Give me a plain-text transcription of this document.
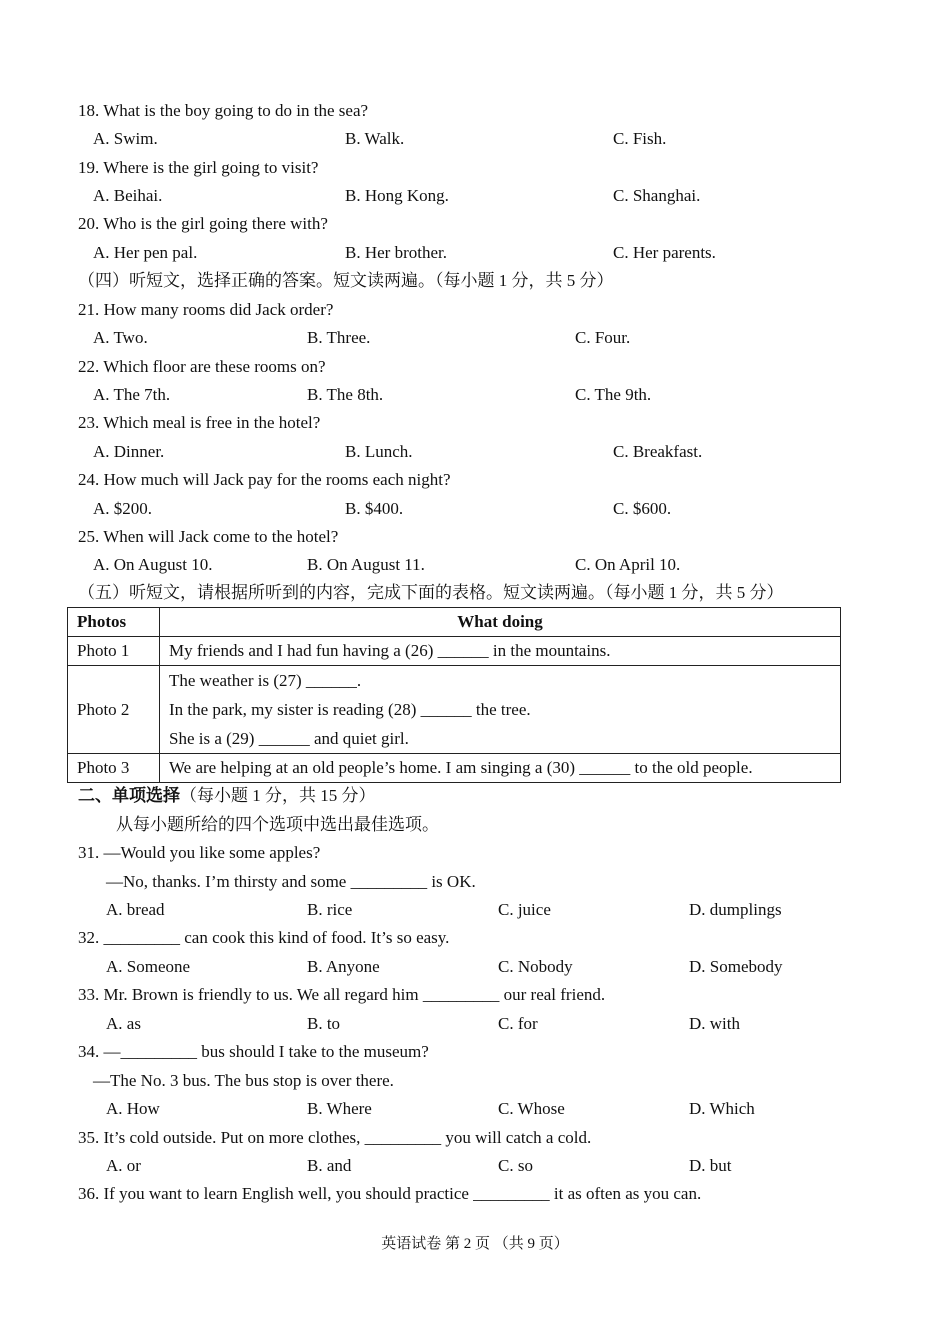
18. What is the boy going to do in the sea?
A. Swim.	B. Walk.	C. Fish.
19. Where is the girl going to visit?
A. Beihai.	B. Hong Kong.	C. Shanghai.
20. Who is the girl going there with?
A. Her pen pal.	B. Her brother.	C. Her parents.
（四）听短文，选择正确的答案。短文读两遍。（每小题 1 分，共 5 分）
21. How many rooms did Jack order?
A. Two.	B. Three.	C. Four.
22. Which floor are these rooms on?
A. The 7th.	B. The 8th.	C. The 9th.
23. Which meal is free in the hotel?
A. Dinner.	B. Lunch.	C. Breakfast.
24. How much will Jack pay for the rooms each night?
A. $200.	B. $400.	C. $600.
25. When will Jack come to the hotel?
A. On August 10.	B. On August 11.	C. On April 10.
（五）听短文，请根据所听到的内容，完成下面的表格。短文读两遍。（每小题 1 分，共 5 分）
Photos	What doing
Photo 1	My friends and I had fun having a (26) ______ in the mountains.
Photo 2	The weather is (27) ______.
In the park, my sister is reading (28) ______ the tree.
She is a (29) ______ and quiet girl.

Photo 3	We are helping at an old people’s home. I am singing a (30) ______ to the old people.
二、单项选择（每小题 1 分，共 15 分）
从每小题所给的四个选项中选出最佳选项。
31. —Would you like some apples?
—No, thanks. I’m thirsty and some _________ is OK.
A. bread	B. rice	C. juice	D. dumplings
32. _________ can cook this kind of food. It’s so easy.
A. Someone	B. Anyone	C. Nobody	D. Somebody
33. Mr. Brown is friendly to us. We all regard him _________ our real friend.
A. as	B. to	C. for	D. with
34. —_________ bus should I take to the museum?
—The No. 3 bus. The bus stop is over there.
A. How	B. Where	C. Whose	D. Which
35. It’s cold outside. Put on more clothes, _________ you will catch a cold.
A. or	B. and	C. so	D. but
36. If you want to learn English well, you should practice _________ it as often as you can.
英语试卷 第 2 页 （共 9 页）
